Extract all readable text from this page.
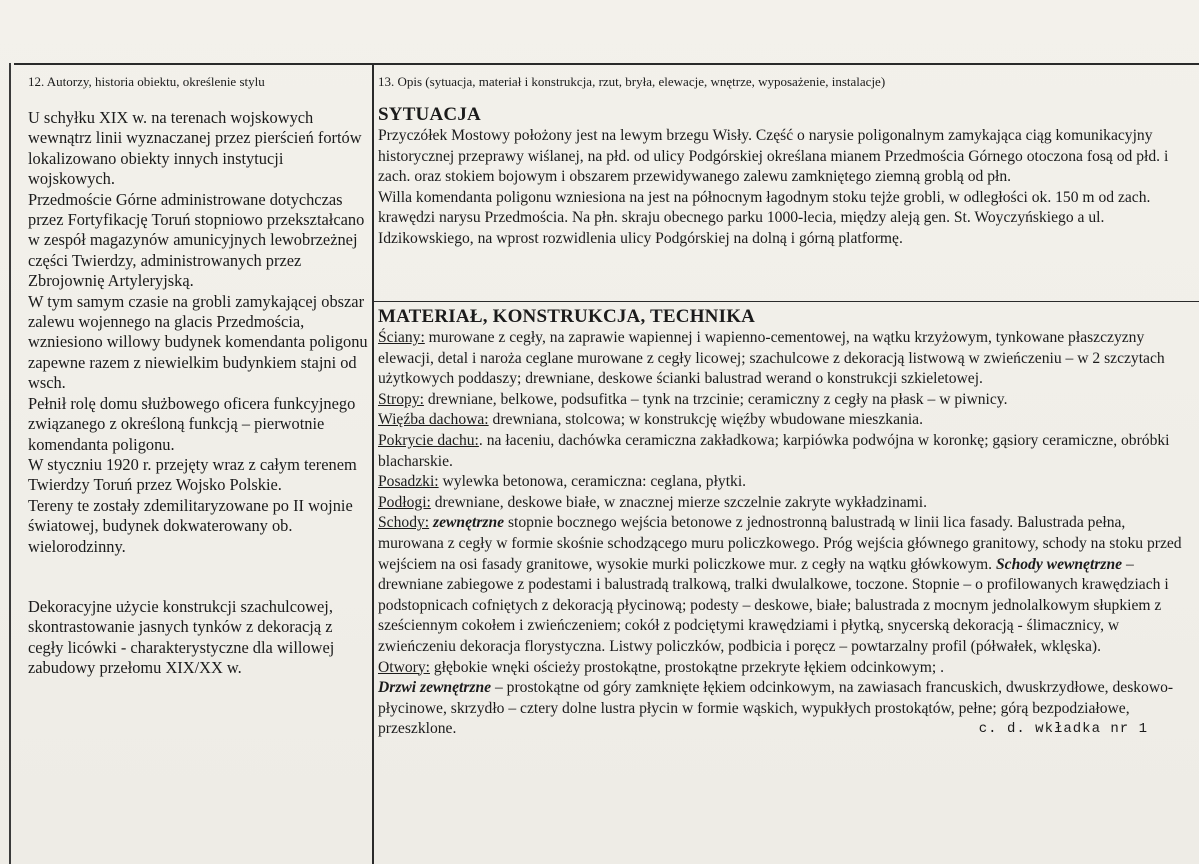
12. Autorzy, historia obiektu, określenie stylu

U schyłku XIX w. na terenach wojskowych wewnątrz linii wyznaczanej przez pierścień fortów lokalizowano obiekty innych instytucji wojskowych.

Przedmoście Górne administrowane dotychczas przez Fortyfikację Toruń stopniowo przekształcano w zespół magazynów amunicyjnych lewobrzeżnej części Twierdzy, administrowanych przez Zbrojownię Artyleryjską.

W tym samym czasie na grobli zamykającej obszar zalewu wojennego na glacis Przedmościa, wzniesiono willowy budynek komendanta poligonu zapewne razem z niewielkim budynkiem stajni od wsch.

Pełnił rolę domu służbowego oficera funkcyjnego związanego z określoną funkcją – pierwotnie komendanta poligonu.

W styczniu 1920 r. przejęty wraz z całym terenem Twierdzy Toruń przez Wojsko Polskie.

Tereny te zostały zdemilitaryzowane po II wojnie światowej, budynek dokwaterowany ob. wielorodzinny.

Dekoracyjne użycie konstrukcji szachulcowej, skontrastowanie jasnych tynków z dekoracją z cegły licówki - charakterystyczne dla willowej zabudowy przełomu XIX/XX w.

13. Opis (sytuacja, materiał i konstrukcja, rzut, bryła, elewacje, wnętrze, wyposażenie, instalacje)

SYTUACJA

Przyczółek Mostowy położony jest na lewym brzegu Wisły. Część o narysie poligonalnym zamykająca ciąg komunikacyjny historycznej przeprawy wiślanej, na płd. od ulicy Podgórskiej określana mianem Przedmościa Górnego otoczona fosą od płd. i zach. oraz stokiem bojowym i obszarem przewidywanego zalewu zamkniętego ziemną groblą od płn.

Willa komendanta poligonu wzniesiona na jest na północnym łagodnym stoku tejże grobli, w odległości ok. 150 m od zach. krawędzi narysu Przedmościa. Na płn. skraju obecnego parku 1000-lecia, między aleją gen. St. Woyczyńskiego a ul. Idzikowskiego, na wprost rozwidlenia ulicy Podgórskiej na dolną i górną platformę.

MATERIAŁ, KONSTRUKCJA, TECHNIKA

Ściany: murowane z cegły, na zaprawie wapiennej i wapienno-cementowej, na wątku krzyżowym, tynkowane płaszczyzny elewacji, detal i naroża ceglane murowane z cegły licowej; szachulcowe z dekoracją listwową w zwieńczeniu – w 2 szczytach użytkowych poddaszy; drewniane, deskowe ścianki balustrad werand o konstrukcji szkieletowej.

Stropy: drewniane, belkowe, podsufitka – tynk na trzcinie; ceramiczny z cegły na płask – w piwnicy.

Więźba dachowa: drewniana, stolcowa; w konstrukcję więźby wbudowane mieszkania.

Pokrycie dachu:. na łaceniu, dachówka ceramiczna zakładkowa; karpiówka podwójna w koronkę; gąsiory ceramiczne, obróbki blacharskie.

Posadzki: wylewka betonowa, ceramiczna: ceglana, płytki.

Podłogi: drewniane, deskowe białe, w znacznej mierze szczelnie zakryte wykładzinami.

Schody: zewnętrzne stopnie bocznego wejścia betonowe z jednostronną balustradą w linii lica fasady. Balustrada pełna, murowana z cegły w formie skośnie schodzącego muru policzkowego. Próg wejścia głównego granitowy, schody na stoku przed wejściem na osi fasady granitowe, wysokie murki policzkowe mur. z cegły na wątku główkowym. Schody wewnętrzne – drewniane zabiegowe z podestami i balustradą tralkową, tralki dwulalkowe, toczone. Stopnie – o profilowanych krawędziach i podstopnicach cofniętych z dekoracją płycinową; podesty – deskowe, białe; balustrada z mocnym jednolalkowym słupkiem z sześciennym cokołem i zwieńczeniem; cokół z podciętymi krawędziami i płytką, snycerską dekoracją - ślimacznicy, w zwieńczeniu dekoracja florystyczna. Listwy policzków, podbicia i poręcz – powtarzalny profil (półwałek, wklęska).

Otwory: głębokie wnęki ościeży prostokątne, prostokątne przekryte łękiem odcinkowym; .

Drzwi zewnętrzne – prostokątne od góry zamknięte łękiem odcinkowym, na zawiasach francuskich, dwuskrzydłowe, deskowo-płycinowe, skrzydło – cztery dolne lustra płycin w formie wąskich, wypukłych prostokątów, pełne; górą bezpodziałowe, przeszklone.	c. d. wkładka nr 1
